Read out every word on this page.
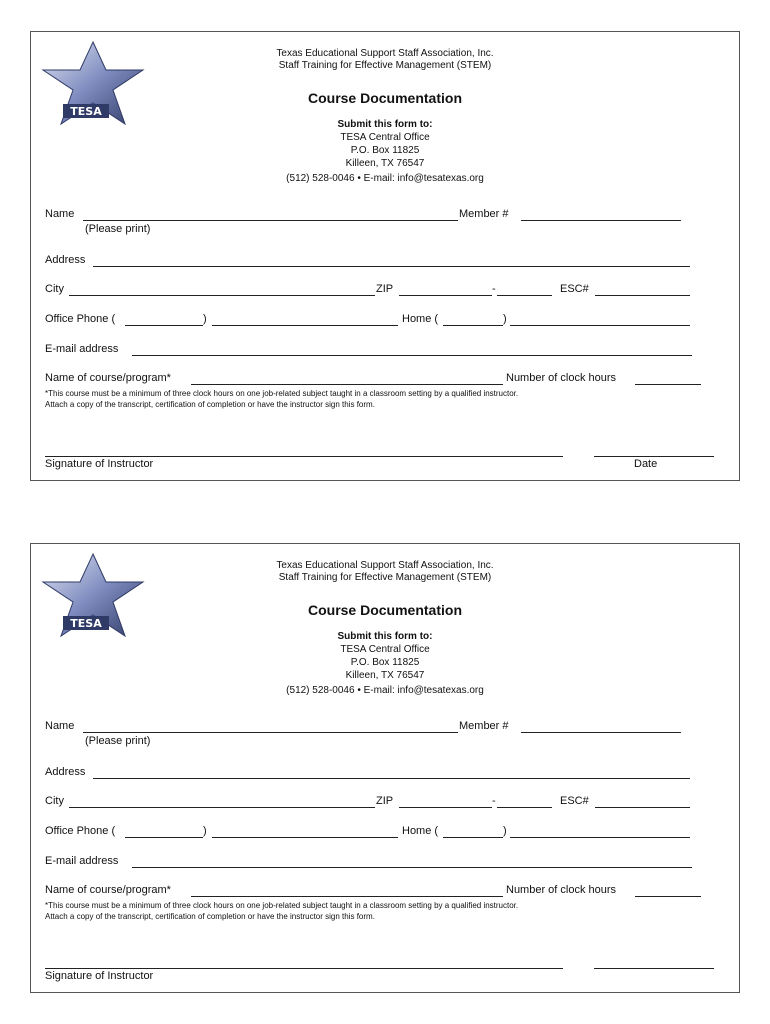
TESA
Texas Educational Support Staff Association, Inc.
Staff Training for Effective Management (STEM)
Course Documentation
Submit this form to:
TESA Central Office
P.O. Box 11825
Killeen, TX 76547
(512) 528-0046 • E-mail: info@tesatexas.org
Name	Member #
(Please print)
Address
City	ZIP	-	ESC#
Office Phone (	)	Home (	)
E-mail address
Name of course/program*	Number of clock hours
*This course must be a minimum of three clock hours on one job-related subject taught in a classroom setting by a qualified instructor.
Attach a copy of the transcript, certification of completion or have the instructor sign this form.
Signature of Instructor	Date
TESA
Texas Educational Support Staff Association, Inc.
Staff Training for Effective Management (STEM)
Course Documentation
Submit this form to:
TESA Central Office
P.O. Box 11825
Killeen, TX 76547
(512) 528-0046 • E-mail: info@tesatexas.org
Name	Member #
(Please print)
Address
City	ZIP	-	ESC#
Office Phone (	)	Home (	)
E-mail address
Name of course/program*	Number of clock hours
*This course must be a minimum of three clock hours on one job-related subject taught in a classroom setting by a qualified instructor.
Attach a copy of the transcript, certification of completion or have the instructor sign this form.
Signature of Instructor
